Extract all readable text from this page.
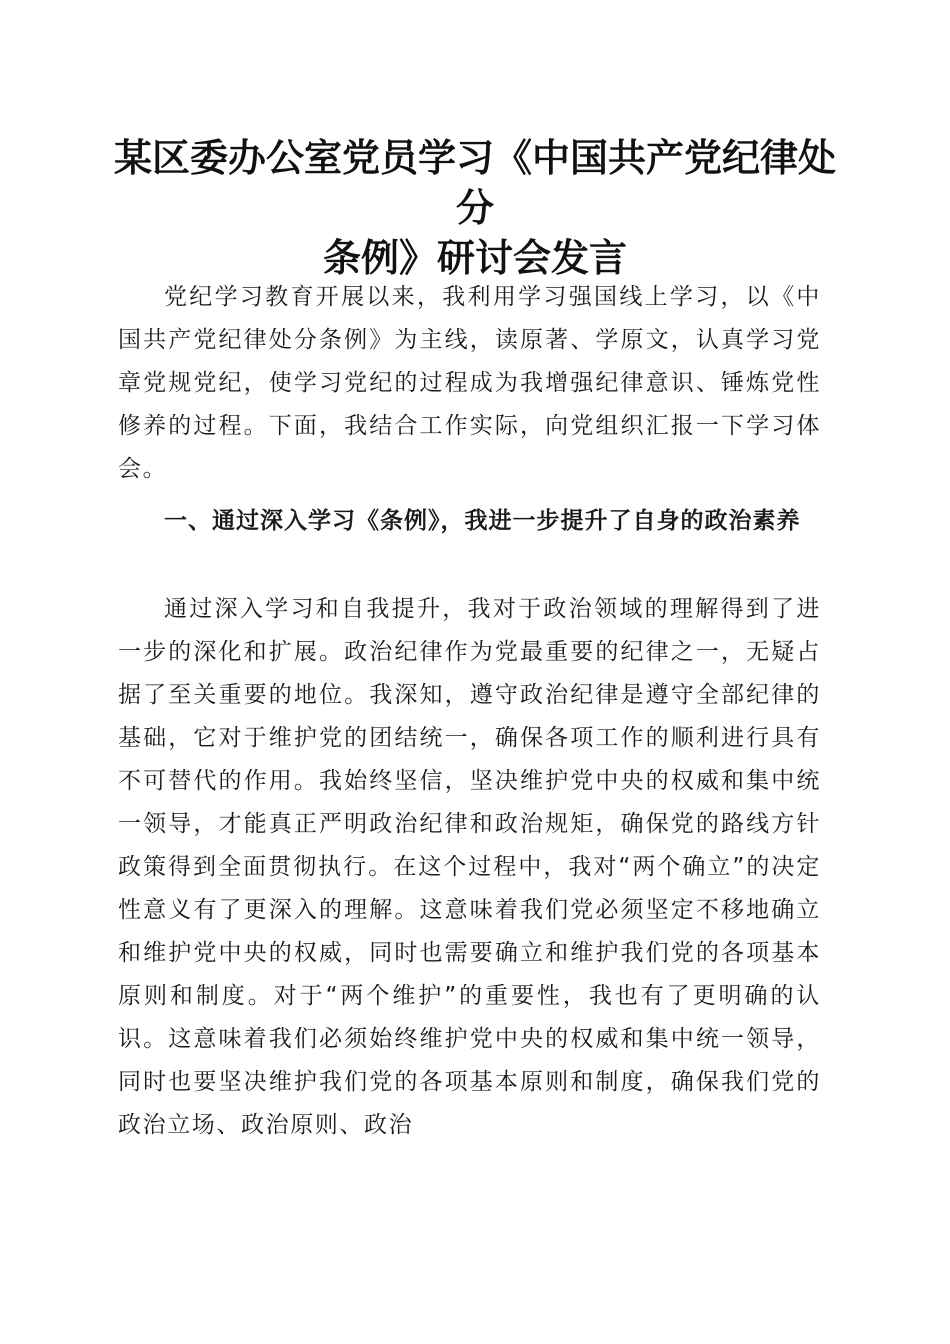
某区委办公室党员学习《中国共产党纪律处分
条例》研讨会发言

党纪学习教育开展以来，我利用学习强国线上学习，以《中国共产党纪律处分条例》为主线，读原著、学原文，认真学习党章党规党纪，使学习党纪的过程成为我增强纪律意识、锤炼党性修养的过程。下面，我结合工作实际，向党组织汇报一下学习体会。

一、通过深入学习《条例》，我进一步提升了自身的政治素养

通过深入学习和自我提升，我对于政治领域的理解得到了进一步的深化和扩展。政治纪律作为党最重要的纪律之一，无疑占据了至关重要的地位。我深知，遵守政治纪律是遵守全部纪律的基础，它对于维护党的团结统一，确保各项工作的顺利进行具有不可替代的作用。我始终坚信，坚决维护党中央的权威和集中统一领导，才能真正严明政治纪律和政治规矩，确保党的路线方针政策得到全面贯彻执行。在这个过程中，我对“两个确立”的决定性意义有了更深入的理解。这意味着我们党必须坚定不移地确立和维护党中央的权威，同时也需要确立和维护我们党的各项基本原则和制度。对于“两个维护”的重要性，我也有了更明确的认识。这意味着我们必须始终维护党中央的权威和集中统一领导，同时也要坚决维护我们党的各项基本原则和制度，确保我们党的政治立场、政治原则、政治
